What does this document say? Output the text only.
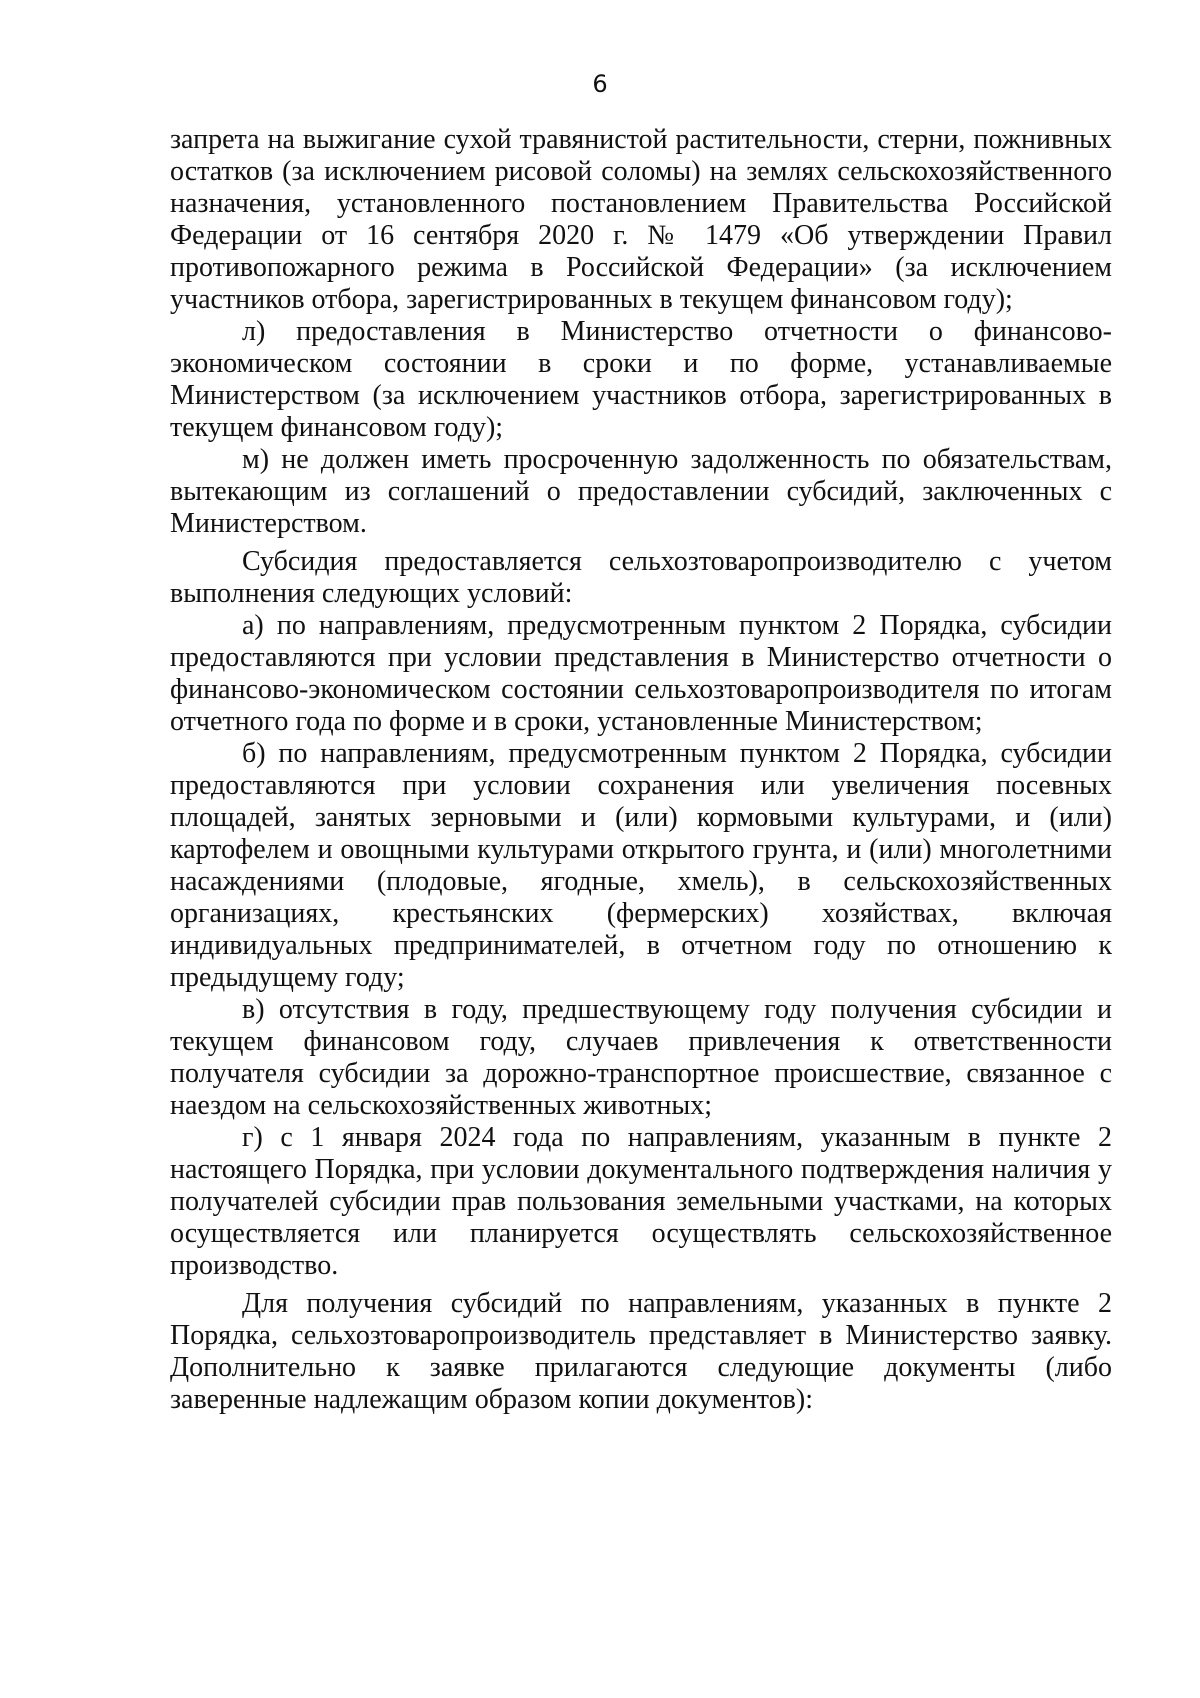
6

запрета на выжигание сухой травянистой растительности, стерни, пожнивных остатков (за исключением рисовой соломы) на землях сельскохозяйственного назначения, установленного постановлением Правительства Российской Федерации от 16 сентября 2020 г. № 1479 «Об утверждении Правил противопожарного режима в Российской Федерации» (за исключением участников отбора, зарегистрированных в текущем финансовом году);

л) предоставления в Министерство отчетности о финансово-экономическом состоянии в сроки и по форме, устанавливаемые Министерством (за исключением участников отбора, зарегистрированных в текущем финансовом году);

м) не должен иметь просроченную задолженность по обязательствам, вытекающим из соглашений о предоставлении субсидий, заключенных с Министерством.

Субсидия предоставляется сельхозтоваропроизводителю с учетом выполнения следующих условий:

а) по направлениям, предусмотренным пунктом 2 Порядка, субсидии предоставляются при условии представления в Министерство отчетности о финансово-экономическом состоянии сельхозтоваропроизводителя по итогам отчетного года по форме и в сроки, установленные Министерством;

б) по направлениям, предусмотренным пунктом 2 Порядка, субсидии предоставляются при условии сохранения или увеличения посевных площадей, занятых зерновыми и (или) кормовыми культурами, и (или) картофелем и овощными культурами открытого грунта, и (или) многолетними насаждениями (плодовые, ягодные, хмель), в сельскохозяйственных организациях, крестьянских (фермерских) хозяйствах, включая индивидуальных предпринимателей, в отчетном году по отношению к предыдущему году;

в) отсутствия в году, предшествующему году получения субсидии и текущем финансовом году, случаев привлечения к ответственности получателя субсидии за дорожно-транспортное происшествие, связанное с наездом на сельскохозяйственных животных;

г) с 1 января 2024 года по направлениям, указанным в пункте 2 настоящего Порядка, при условии документального подтверждения наличия у получателей субсидии прав пользования земельными участками, на которых осуществляется или планируется осуществлять сельскохозяйственное производство.

Для получения субсидий по направлениям, указанных в пункте 2 Порядка, сельхозтоваропроизводитель представляет в Министерство заявку. Дополнительно к заявке прилагаются следующие документы (либо заверенные надлежащим образом копии документов):
